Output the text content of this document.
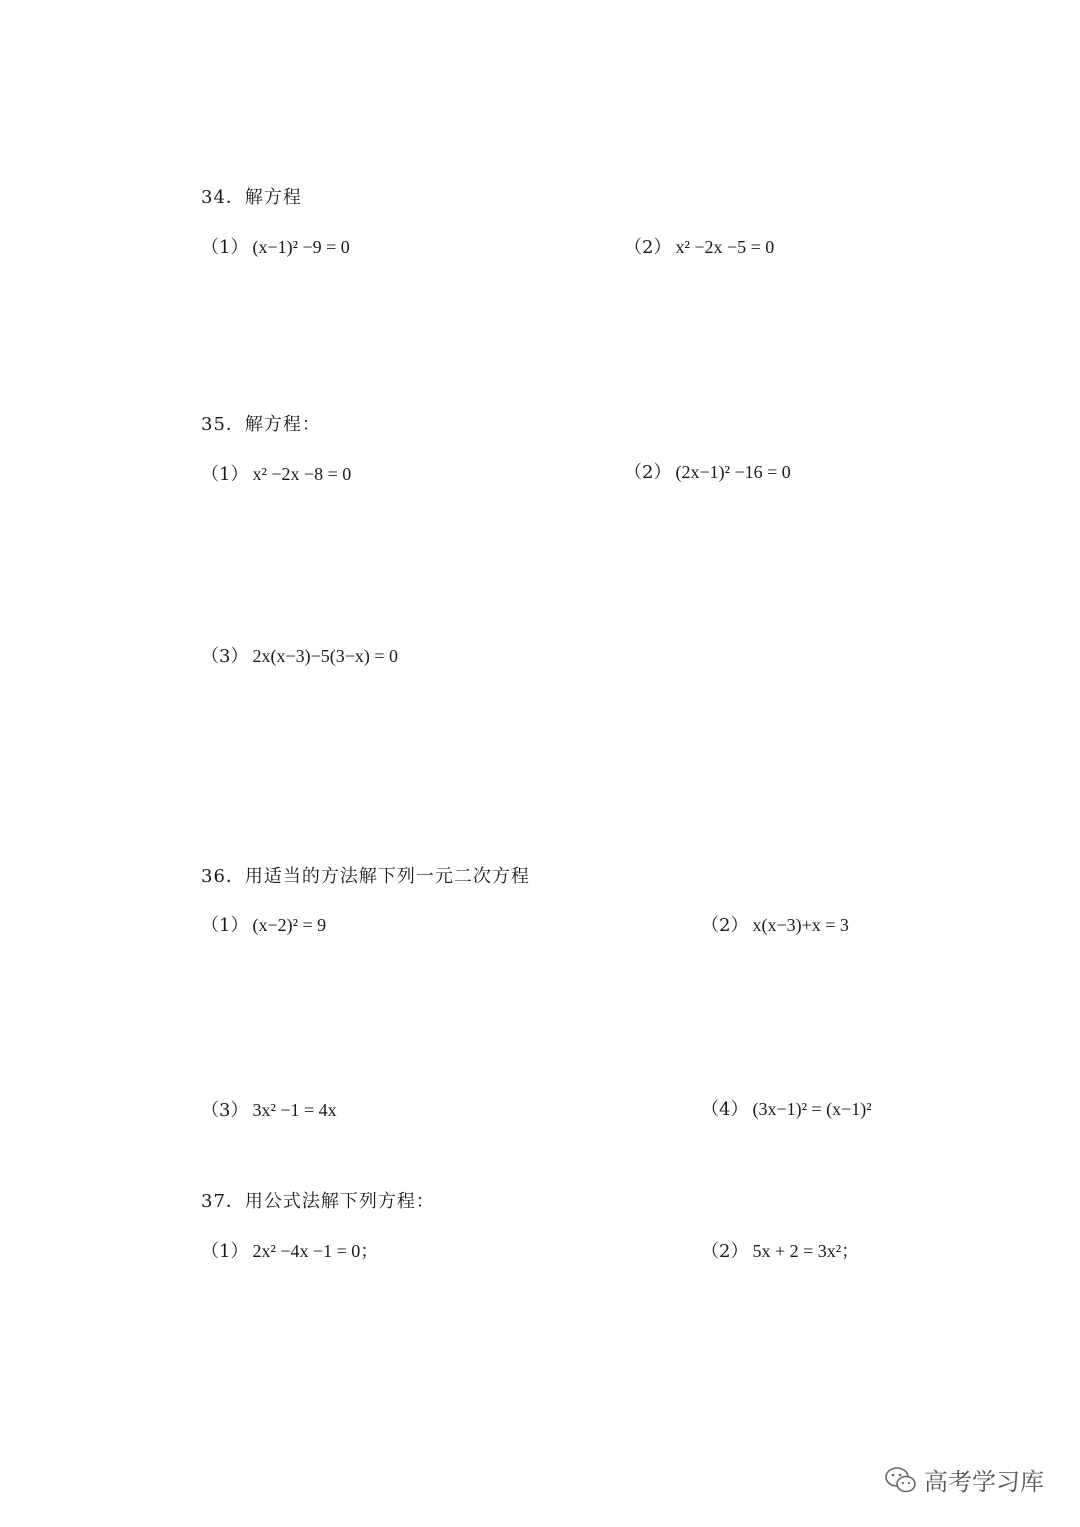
34．解方程
（1） (x−1)² −9 = 0	（2） x² −2x −5 = 0
35．解方程：
（1） x² −2x −8 = 0	（2） (2x−1)² −16 = 0
（3） 2x(x−3)−5(3−x) = 0
36．用适当的方法解下列一元二次方程
（1） (x−2)² = 9	（2） x(x−3)+x = 3
（3） 3x² −1 = 4x	（4） (3x−1)² = (x−1)²
37．用公式法解下列方程：
（1） 2x² −4x −1 = 0；	（2） 5x + 2 = 3x²；
高考学习库
